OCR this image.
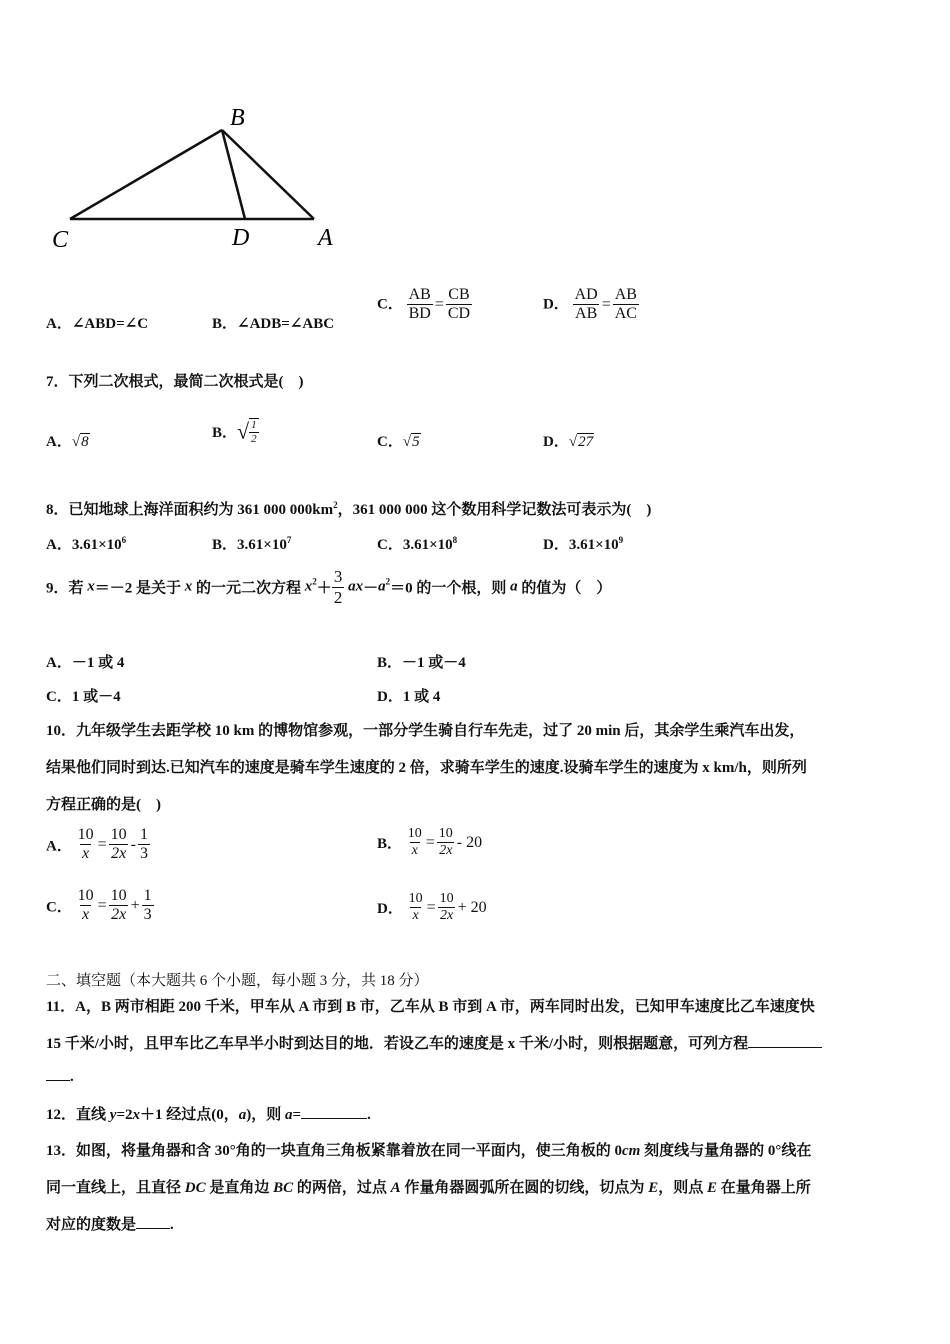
B
C	D	A
A．∠ABD=∠C	B．∠ADB=∠ABC
C． $\frac{AB}{BD} = \frac{CB}{CD}$	D． $\frac{AD}{AB} = \frac{AB}{AC}$
7．下列二次根式，最简二次根式是(　)
A．√8
B．√ $\frac{1}{2}$	C．√5	D．√27
8．已知地球上海洋面积约为 361 000 $000km^2$，361 000 000 这个数用科学记数法可表示为(　)
A．$3.61\times 10^6$	B．$3.61\times 10^7$	C．$3.61\times 10^8$	D．$3.61\times 10^9$
9．若 x＝－2 是关于 x 的一元二次方程 $x^2+ \frac{3}{2} ax-a^2=0$ 的一个根，则 a 的值为（　）
A．－1 或 4	B．－1 或－4
C．1 或－4	D．1 或 4
10．九年级学生去距学校 10 km 的博物馆参观，一部分学生骑自行车先走，过了 20 min 后，其余学生乘汽车出发，
结果他们同时到达.已知汽车的速度是骑车学生速度的 2 倍，求骑车学生的速度.设骑车学生的速度为 x km/h，则所列
方程正确的是(　)
A． $\frac{10}{x} = \frac{10}{2x} - \frac{1}{3}$	B． $\frac{10}{x} = \frac{10}{2x} - 20$
C． $\frac{10}{x} = \frac{10}{2x} + \frac{1}{3}$	D． $\frac{10}{x} = \frac{10}{2x} + 20$
二、填空题（本大题共 6 个小题，每小题 3 分，共 18 分）
11．A，B 两市相距 200 千米，甲车从 A 市到 B 市，乙车从 B 市到 A 市，两车同时出发，已知甲车速度比乙车速度快
15 千米/小时，且甲车比乙车早半小时到达目的地．若设乙车的速度是 x 千米/小时，则根据题意，可列方程
.
12．直线 y=2x＋1 经过点(0，a)，则 a=	.
13．如图，将量角器和含 30°角的一块直角三角板紧靠着放在同一平面内，使三角板的 0cm 刻度线与量角器的 0°线在
同一直线上，且直径 DC 是直角边 BC 的两倍，过点 A 作量角器圆弧所在圆的切线，切点为 E，则点 E 在量角器上所
对应的度数是 .
